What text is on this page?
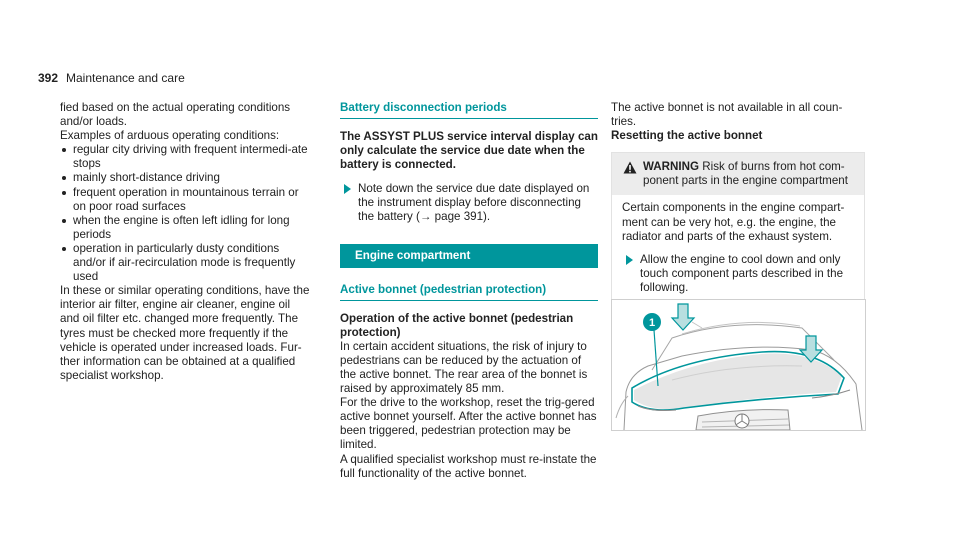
392 Maintenance and care

fied based on the actual operating conditions and/or loads.

Examples of arduous operating conditions:

regular city driving with frequent intermedi-ate stops
mainly short-distance driving
frequent operation in mountainous terrain or on poor road surfaces
when the engine is often left idling for long periods
operation in particularly dusty conditions and/or if air-recirculation mode is frequently used

In these or similar operating conditions, have the interior air filter, engine air cleaner, engine oil and oil filter etc. changed more frequently. The tyres must be checked more frequently if the vehicle is operated under increased loads. Fur-ther information can be obtained at a qualified specialist workshop.

Battery disconnection periods

The ASSYST PLUS service interval display can only calculate the service due date when the battery is connected.

Note down the service due date displayed on the instrument display before disconnecting the battery (→ page 391).
Engine compartment
Active bonnet (pedestrian protection)

Operation of the active bonnet (pedestrian protection)

In certain accident situations, the risk of injury to pedestrians can be reduced by the actuation of the active bonnet. The rear area of the bonnet is raised by approximately 85 mm.

For the drive to the workshop, reset the trig-gered active bonnet yourself. After the active bonnet has been triggered, pedestrian protection may be limited.

A qualified specialist workshop must re-instate the full functionality of the active bonnet.

The active bonnet is not available in all coun-tries.

Resetting the active bonnet

WARNING Risk of burns from hot com-ponent parts in the engine compartment

Certain components in the engine compart-ment can be very hot, e.g. the engine, the radiator and parts of the exhaust system.

Allow the engine to cool down and only touch component parts described in the following.
1
